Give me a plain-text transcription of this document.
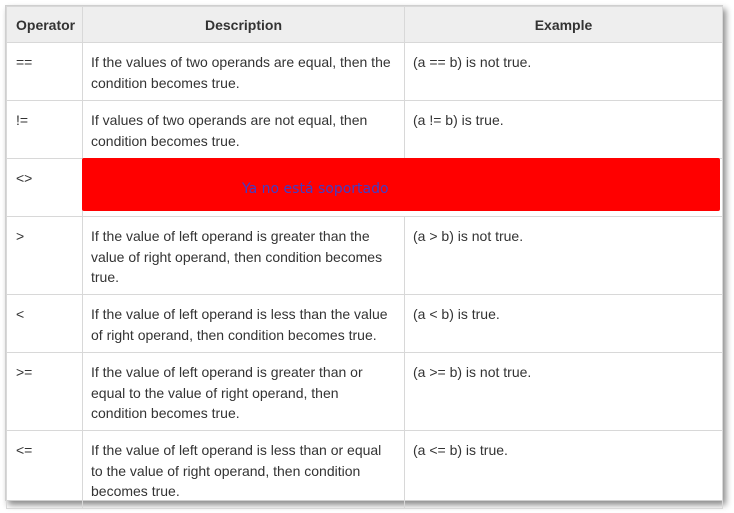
Operator	Description	Example
==	If the values of two operands are equal, then the condition becomes true.	(a == b) is not true.
!=	If values of two operands are not equal, then condition becomes true.	(a != b) is true.
<>	Ya no está soportado	

>	If the value of left operand is greater than the value of right operand, then condition becomes true.	(a > b) is not true.
<	If the value of left operand is less than the value of right operand, then condition becomes true.	(a < b) is true.
>=	If the value of left operand is greater than or equal to the value of right operand, then condition becomes true.	(a >= b) is not true.
<=	If the value of left operand is less than or equal to the value of right operand, then condition becomes true.	(a <= b) is true.
